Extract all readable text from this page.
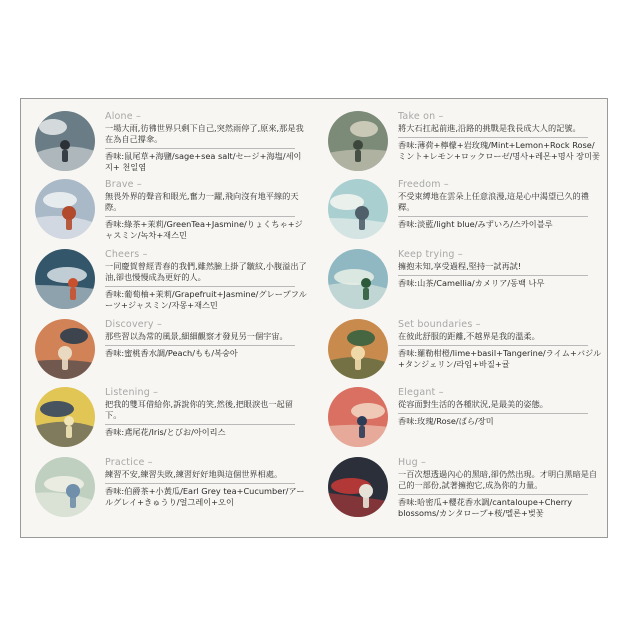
Alone –
一場大雨,彷彿世界只剩下自己,突然雨停了,原來,那是我在為自己撐傘。
香味:鼠尾草+海鹽/sage+sea salt/セージ+海塩/세이지+ 천일염
Brave –
無畏外界的聲音和眼光,奮力一躍,飛向沒有地平線的天際。
香味:綠茶+茉莉/GreenTea+Jasmine/りょくちゃ+ジャスミン/녹차+재스민
Cheers –
一同慶賀曾經青春的我們,雖然臉上掛了皺紋,小腹溢出了油,卻也慢慢成為更好的人。
香味:葡萄柚+茉莉/Grapefruit+Jasmine/グレープフルーツ+ジャスミン/자몽+재스민
Discovery –
那些習以為常的風景,細細觀察才發見另一個宇宙。
香味:蜜桃香水調/Peach/もも/복숭아
Listening –
把我的雙耳借給你,訴說你的笑,然後,把眼淚也一起留下。
香味:鳶尾花/Iris/とびお/아이리스
Practice –
練習不安,練習失敗,練習好好地與這個世界相處。
香味:伯爵茶+小黃瓜/Earl Grey tea+Cucumber/アールグレイ+きゅうり/얼그레이+오이
Take on –
將大石扛起前進,沿路的挑戰是我長成大人的記號。
香味:薄荷+檸檬+岩玫瑰/Mint+Lemon+Rock Rose/ミント+レモン+ロックローゼ/명사+레몬+명사 장미꽃
Freedom –
不受束縛地在雲朵上任意浪漫,這是心中渴望已久的禮釋。
香味:淡藍/light blue/みずいろ/스카이블루
Keep trying –
擁抱未知,享受過程,堅持一試再試!
香味:山茶/Camellia/カメリア/동백 나무
Set boundaries –
在彼此舒服的距離,不越界是我的溫柔。
香味:羅勒柑橙/lime+basil+Tangerine/ライム+バジル+タンジェリン/라임+바질+귤
Elegant –
從容面對生活的各種狀況,是最美的姿態。
香味:玫瑰/Rose/ばら/장미
Hug –
一百次想透過內心的黑暗,卻仍然出現。才明白黑暗是自己的一部份,試著擁抱它,成為你的力量。
香味:哈密瓜+櫻花香水調/cantaloupe+Cherry blossoms/カンタロープ+桜/멜론+벚꽃
